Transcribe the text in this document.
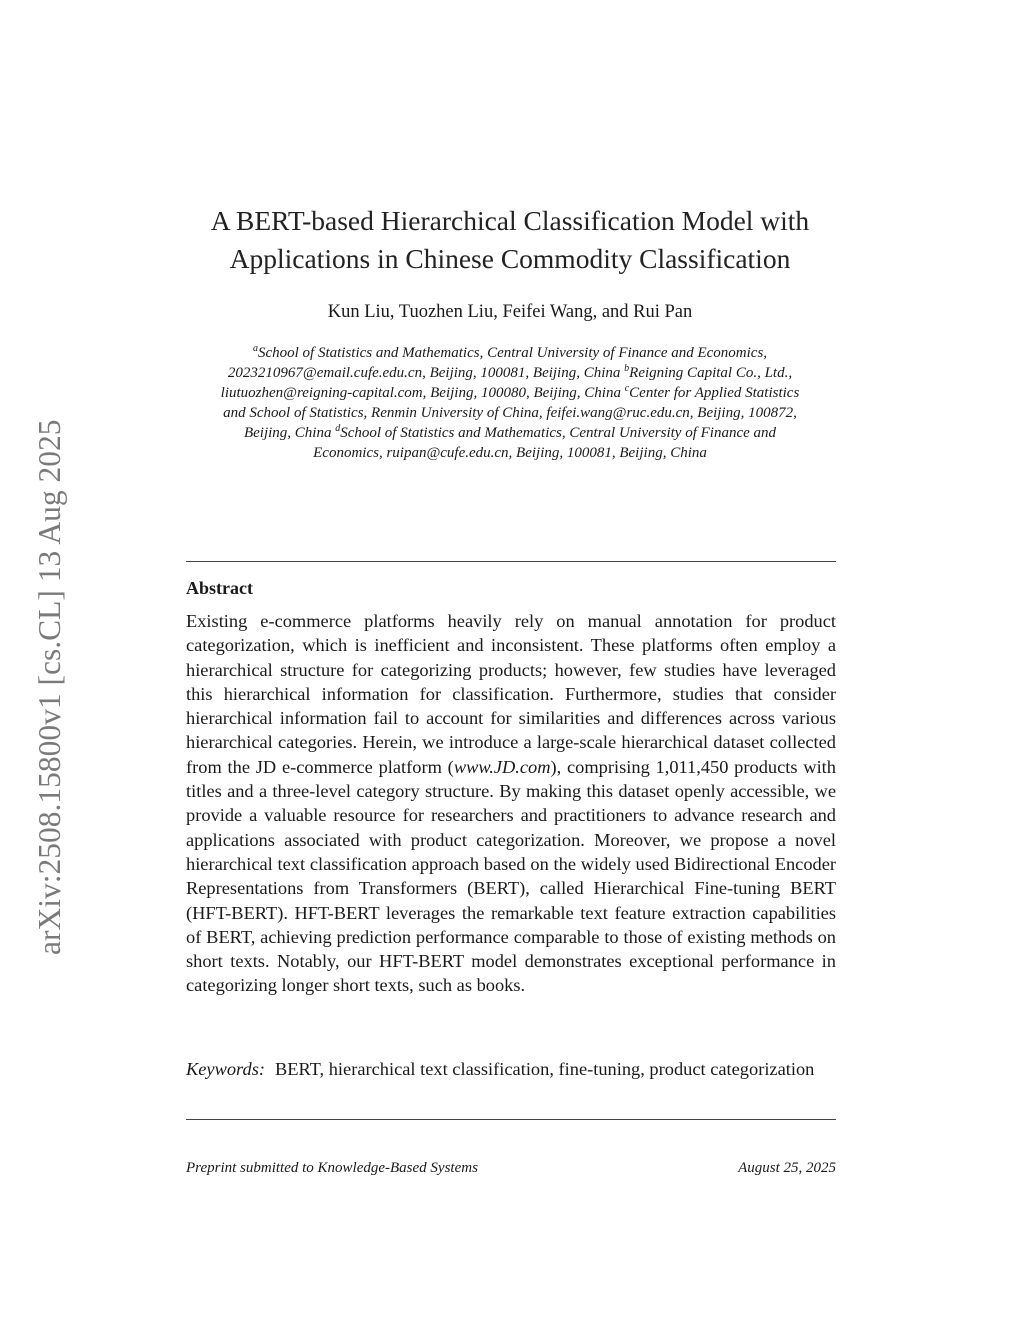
arXiv:2508.15800v1 [cs.CL] 13 Aug 2025
A BERT-based Hierarchical Classification Model with
Applications in Chinese Commodity Classification
Kun Liu, Tuozhen Liu, Feifei Wang, and Rui Pan
$^a$School of Statistics and Mathematics, Central University of Finance and Economics, 2023210967@email.cufe.edu.cn, Beijing, 100081, Beijing, China $^b$Reigning Capital Co., Ltd., liutuozhen@reigning-capital.com, Beijing, 100080, Beijing, China $^c$Center for Applied Statistics and School of Statistics, Renmin University of China, feifei.wang@ruc.edu.cn, Beijing, 100872, Beijing, China $^d$School of Statistics and Mathematics, Central University of Finance and Economics, ruipan@cufe.edu.cn, Beijing, 100081, Beijing, China
Abstract
Existing e-commerce platforms heavily rely on manual annotation for product categorization, which is inefficient and inconsistent. These platforms often employ a hierarchical structure for categorizing products; however, few studies have leveraged this hierarchical information for classification. Furthermore, studies that consider hierarchical information fail to account for similarities and differences across various hierarchical categories. Herein, we introduce a large-scale hierarchical dataset collected from the JD e-commerce platform (www.JD.com), comprising 1,011,450 products with titles and a three-level category structure. By making this dataset openly accessible, we provide a valuable resource for researchers and practitioners to advance research and applications associated with product categorization. Moreover, we propose a novel hierarchical text classification approach based on the widely used Bidirectional Encoder Representations from Transformers (BERT), called Hierarchical Fine-tuning BERT (HFT-BERT). HFT-BERT leverages the remarkable text feature extraction capabilities of BERT, achieving prediction performance comparable to those of existing methods on short texts. Notably, our HFT-BERT model demonstrates exceptional performance in categorizing longer short texts, such as books.
Keywords: BERT, hierarchical text classification, fine-tuning, product categorization
Preprint submitted to Knowledge-Based Systems	August 25, 2025
